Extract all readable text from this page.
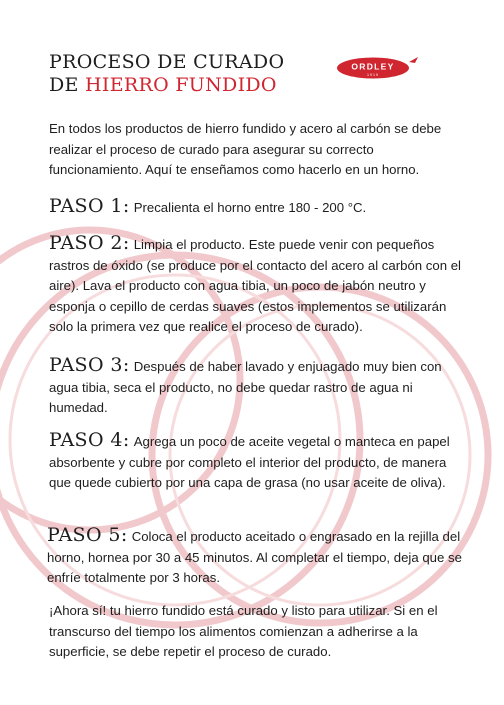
PROCESO DE CURADO
DE HIERRO FUNDIDO
ORDLEY
1919

En todos los productos de hierro fundido y acero al carbón se debe realizar el proceso de curado para asegurar su correcto funcionamiento. Aquí te enseñamos como hacerlo en un horno.

PASO 1: Precalienta el horno entre 180 - 200 °C.

PASO 2: Limpia el producto. Este puede venir con pequeños rastros de óxido (se produce por el contacto del acero al carbón con el aire). Lava el producto con agua tibia, un poco de jabón neutro y esponja o cepillo de cerdas suaves (estos implementos se utilizarán solo la primera vez que realice el proceso de curado).

PASO 3: Después de haber lavado y enjuagado muy bien con agua tibia, seca el producto, no debe quedar rastro de agua ni humedad.

PASO 4: Agrega un poco de aceite vegetal o manteca en papel absorbente y cubre por completo el interior del producto, de manera que quede cubierto por una capa de grasa (no usar aceite de oliva).

PASO 5: Coloca el producto aceitado o engrasado en la rejilla del horno, hornea por 30 a 45 minutos. Al completar el tiempo, deja que se enfríe totalmente por 3 horas.

¡Ahora sí! tu hierro fundido está curado y listo para utilizar. Si en el transcurso del tiempo los alimentos comienzan a adherirse a la superficie, se debe repetir el proceso de curado.
